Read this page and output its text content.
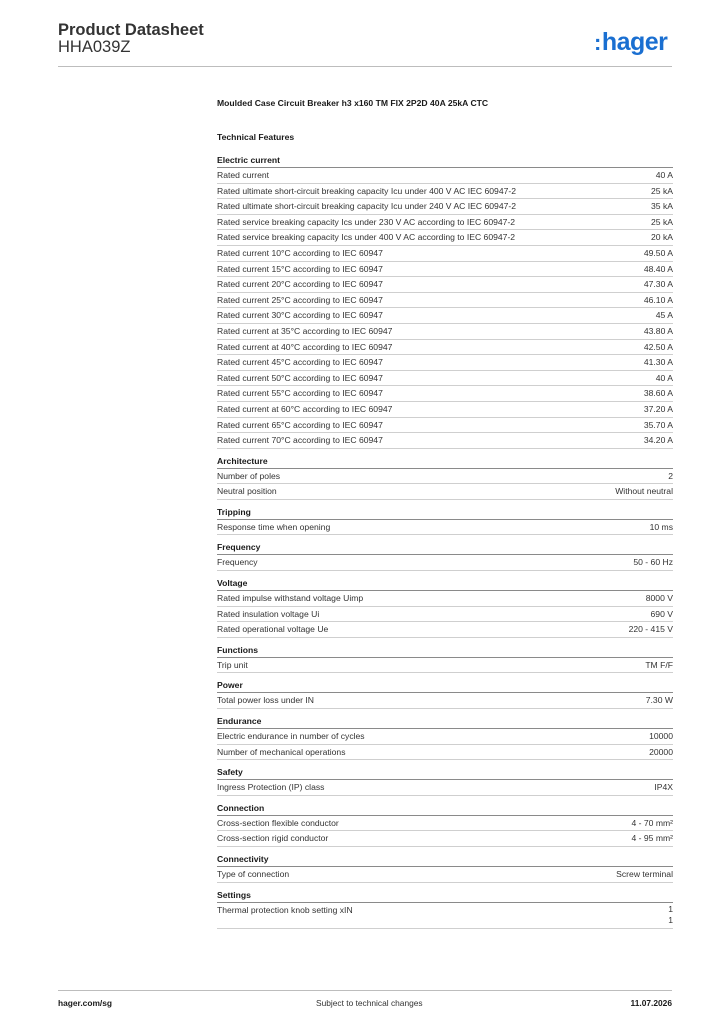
Product Datasheet
HHA039Z	:hager
Moulded Case Circuit Breaker h3 x160 TM FIX 2P2D 40A 25kA CTC
Technical Features
Electric current
Rated current	40 A
Rated ultimate short-circuit breaking capacity Icu under 400 V AC IEC 60947-2	25 kA
Rated ultimate short-circuit breaking capacity Icu under 240 V AC IEC 60947-2	35 kA
Rated service breaking capacity Ics under 230 V AC according to IEC 60947-2	25 kA
Rated service breaking capacity Ics under 400 V AC according to IEC 60947-2	20 kA
Rated current 10°C according to IEC 60947	49.50 A
Rated current 15°C according to IEC 60947	48.40 A
Rated current 20°C according to IEC 60947	47.30 A
Rated current 25°C according to IEC 60947	46.10 A
Rated current 30°C according to IEC 60947	45 A
Rated current at 35°C according to IEC 60947	43.80 A
Rated current at 40°C according to IEC 60947	42.50 A
Rated current 45°C according to IEC 60947	41.30 A
Rated current 50°C according to IEC 60947	40 A
Rated current 55°C according to IEC 60947	38.60 A
Rated current at 60°C according to IEC 60947	37.20 A
Rated current 65°C according to IEC 60947	35.70 A
Rated current 70°C according to IEC 60947	34.20 A
Architecture
Number of poles	2
Neutral position	Without neutral
Tripping
Response time when opening	10 ms
Frequency
Frequency	50 - 60 Hz
Voltage
Rated impulse withstand voltage Uimp	8000 V
Rated insulation voltage Ui	690 V
Rated operational voltage Ue	220 - 415 V
Functions
Trip unit	TM F/F
Power
Total power loss under IN	7.30 W
Endurance
Electric endurance in number of cycles	10000
Number of mechanical operations	20000
Safety
Ingress Protection (IP) class	IP4X
Connection
Cross-section flexible conductor	4 - 70 mm²
Cross-section rigid conductor	4 - 95 mm²
Connectivity
Type of connection	Screw terminal
Settings
Thermal protection knob setting xIN	1
1
hager.com/sg	Subject to technical changes	11.07.2026
